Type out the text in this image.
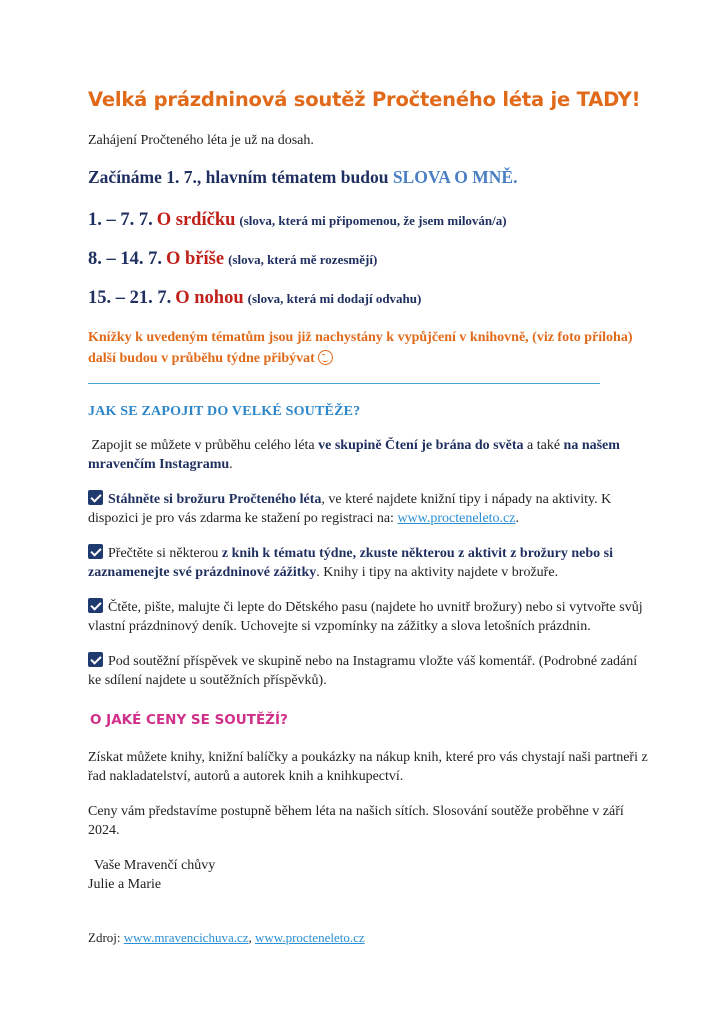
Velká prázdninová soutěž Pročteného léta je TADY!

Zahájení Pročteného léta je už na dosah.

Začínáme 1. 7., hlavním tématem budou SLOVA O MNĚ.

1. – 7. 7. O srdíčku (slova, která mi připomenou, že jsem milován/a)

8. – 14. 7. O bříše (slova, která mě rozesmějí)

15. – 21. 7. O nohou (slova, která mi dodají odvahu)

Knížky k uvedeným tématům jsou již nachystány k vypůjčení v knihovně, (viz foto příloha) další budou v průběhu týdne přibývat

JAK SE ZAPOJIT DO VELKÉ SOUTĚŽE?

Zapojit se můžete v průběhu celého léta ve skupině Čtení je brána do světa a také na našem mravenčím Instagramu.

Stáhněte si brožuru Pročteného léta, ve které najdete knižní tipy i nápady na aktivity. K dispozici je pro vás zdarma ke stažení po registraci na: www.procteneleto.cz.

Přečtěte si některou z knih k tématu týdne, zkuste některou z aktivit z brožury nebo si zaznamenejte své prázdninové zážitky. Knihy i tipy na aktivity najdete v brožuře.

Čtěte, pište, malujte či lepte do Dětského pasu (najdete ho uvnitř brožury) nebo si vytvořte svůj vlastní prázdninový deník. Uchovejte si vzpomínky na zážitky a slova letošních prázdnin.

Pod soutěžní příspěvek ve skupině nebo na Instagramu vložte váš komentář. (Podrobné zadání ke sdílení najdete u soutěžních příspěvků).

O JAKÉ CENY SE SOUTĚŽÍ?

Získat můžete knihy, knižní balíčky a poukázky na nákup knih, které pro vás chystají naši partneři z řad nakladatelství, autorů a autorek knih a knihkupectví.

Ceny vám představíme postupně během léta na našich sítích. Slosování soutěže proběhne v září 2024.

Vaše Mravenčí chůvy
Julie a Marie

Zdroj: www.mravencichuva.cz, www.procteneleto.cz
